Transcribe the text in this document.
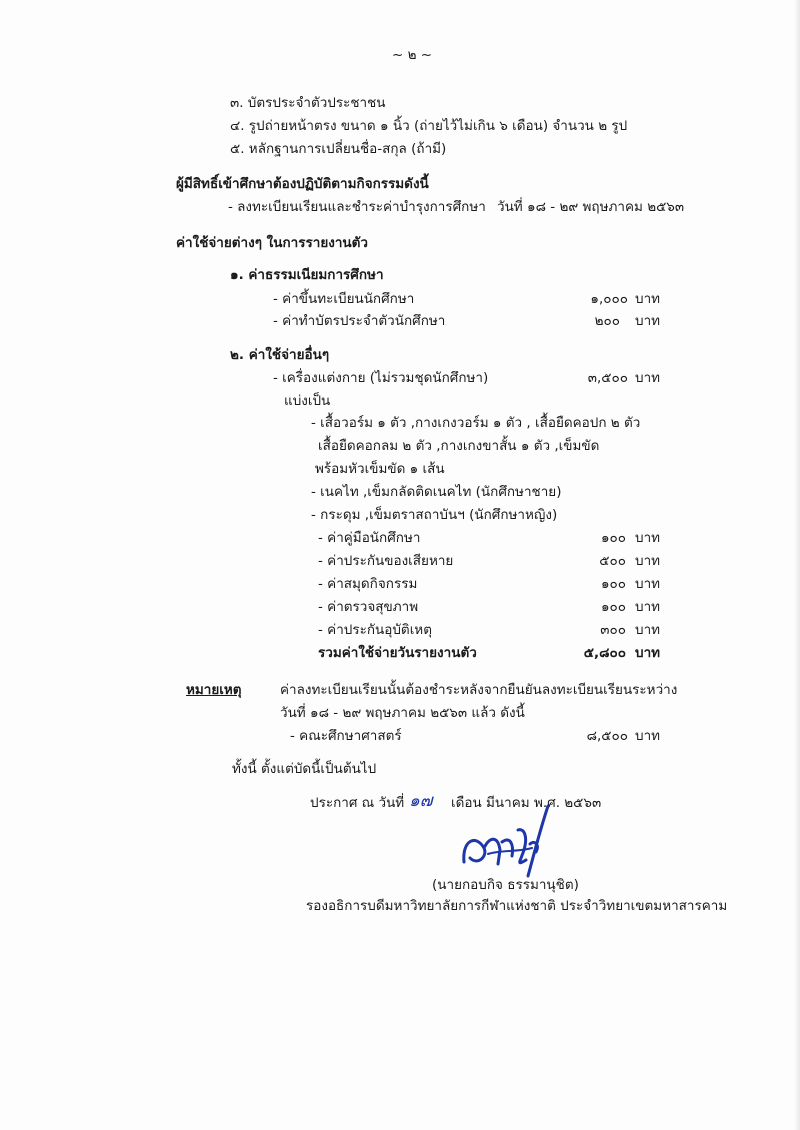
~ ๒ ~
๓. บัตรประจำตัวประชาชน
๔. รูปถ่ายหน้าตรง ขนาด ๑ นิ้ว (ถ่ายไว้ไม่เกิน ๖ เดือน) จำนวน ๒ รูป
๕. หลักฐานการเปลี่ยนชื่อ-สกุล (ถ้ามี)
ผู้มีสิทธิ์เข้าศึกษาต้องปฏิบัติตามกิจกรรมดังนี้
- ลงทะเบียนเรียนและชำระค่าบำรุงการศึกษา วันที่ ๑๘ - ๒๙ พฤษภาคม ๒๕๖๓
ค่าใช้จ่ายต่างๆ ในการรายงานตัว
๑. ค่าธรรมเนียมการศึกษา
- ค่าขึ้นทะเบียนนักศึกษา	๑,๐๐๐ บาท
- ค่าทำบัตรประจำตัวนักศึกษา	๒๐๐ บาท
๒. ค่าใช้จ่ายอื่นๆ
- เครื่องแต่งกาย (ไม่รวมชุดนักศึกษา)	๓,๕๐๐ บาท
แบ่งเป็น
- เสื้อวอร์ม ๑ ตัว ,กางเกงวอร์ม ๑ ตัว , เสื้อยืดคอปก ๒ ตัว
เสื้อยืดคอกลม ๒ ตัว ,กางเกงขาสั้น ๑ ตัว ,เข็มขัด
พร้อมหัวเข็มขัด ๑ เส้น
- เนคไท ,เข็มกลัดติดเนคไท (นักศึกษาชาย)
- กระดุม ,เข็มตราสถาบันฯ (นักศึกษาหญิง)
- ค่าคู่มือนักศึกษา	๑๐๐ บาท
- ค่าประกันของเสียหาย	๕๐๐ บาท
- ค่าสมุดกิจกรรม	๑๐๐ บาท
- ค่าตรวจสุขภาพ	๑๐๐ บาท
- ค่าประกันอุบัติเหตุ	๓๐๐ บาท
รวมค่าใช้จ่ายวันรายงานตัว	๕,๘๐๐ บาท
หมายเหตุ	ค่าลงทะเบียนเรียนนั้นต้องชำระหลังจากยืนยันลงทะเบียนเรียนระหว่าง
วันที่ ๑๘ - ๒๙ พฤษภาคม ๒๕๖๓ แล้ว ดังนี้
- คณะศึกษาศาสตร์	๘,๕๐๐ บาท
ทั้งนี้ ตั้งแต่บัดนี้เป็นต้นไป
ประกาศ ณ วันที่ ๑๗ เดือน มีนาคม พ.ศ. ๒๕๖๓
(นายกอบกิจ ธรรมานุชิต)
รองอธิการบดีมหาวิทยาลัยการกีฬาแห่งชาติ ประจำวิทยาเขตมหาสารคาม
